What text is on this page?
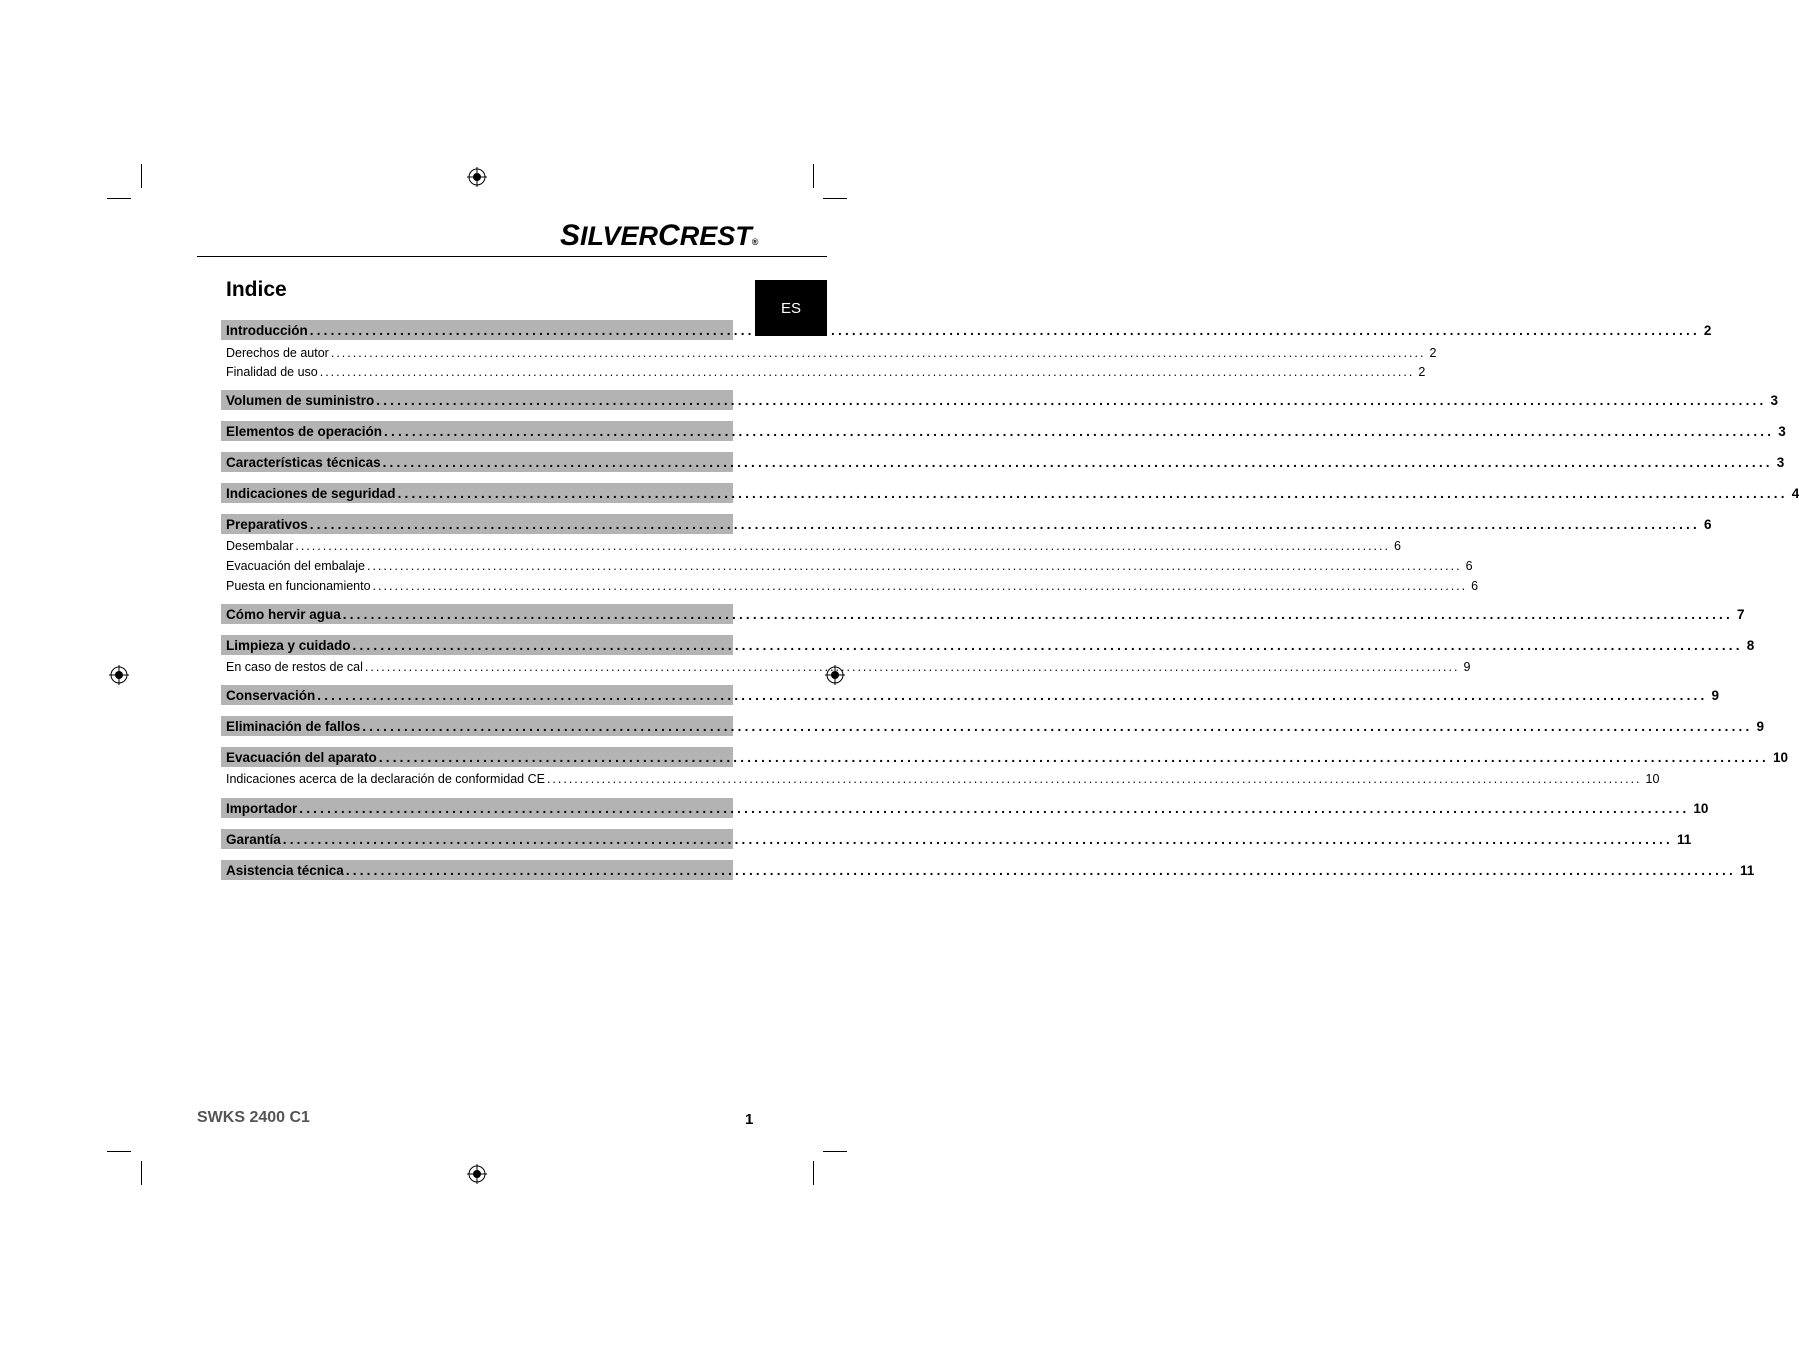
SILVERCREST®
ES
Indice
Introducción ........................................................................................................................................................................................................ 2
Derechos de autor ........................................................................................................................................................................................................ 2
Finalidad de uso ........................................................................................................................................................................................................ 2
Volumen de suministro ........................................................................................................................................................................................................ 3
Elementos de operación ........................................................................................................................................................................................................ 3
Características técnicas ........................................................................................................................................................................................................ 3
Indicaciones de seguridad ........................................................................................................................................................................................................ 4
Preparativos ........................................................................................................................................................................................................ 6
Desembalar ........................................................................................................................................................................................................ 6
Evacuación del embalaje ........................................................................................................................................................................................................ 6
Puesta en funcionamiento ........................................................................................................................................................................................................ 6
Cómo hervir agua ........................................................................................................................................................................................................ 7
Limpieza y cuidado ........................................................................................................................................................................................................ 8
En caso de restos de cal ........................................................................................................................................................................................................ 9
Conservación ........................................................................................................................................................................................................ 9
Eliminación de fallos ........................................................................................................................................................................................................ 9
Evacuación del aparato ........................................................................................................................................................................................................ 10
Indicaciones acerca de la declaración de conformidad CE ........................................................................................................................................................................................................ 10
Importador ........................................................................................................................................................................................................ 10
Garantía ........................................................................................................................................................................................................ 11
Asistencia técnica ........................................................................................................................................................................................................ 11
SWKS 2400 C1	1
